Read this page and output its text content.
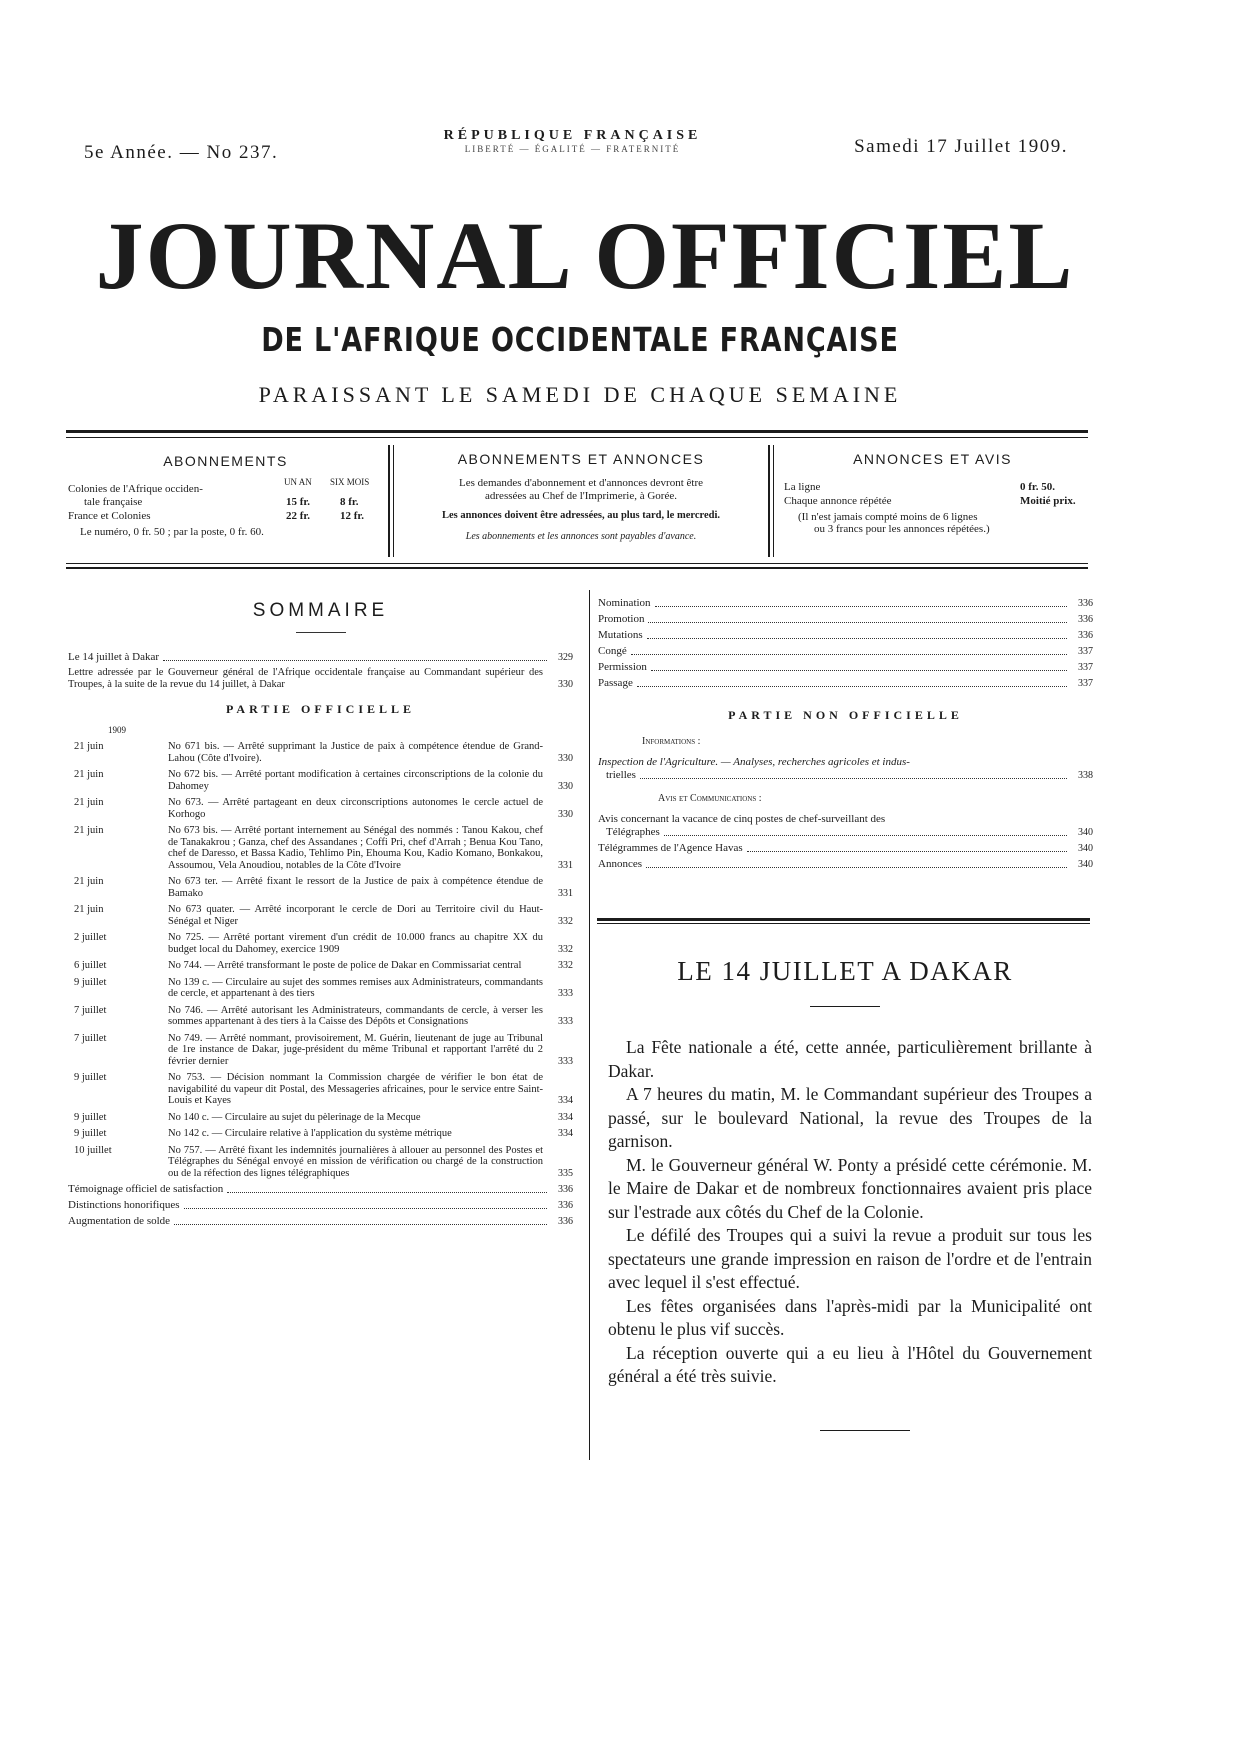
5e Année. — No 237.
RÉPUBLIQUE FRANÇAISE
LIBERTÉ — ÉGALITÉ — FRATERNITÉ	Samedi 17 Juillet 1909.
JOURNAL OFFICIEL
DE L'AFRIQUE OCCIDENTALE FRANÇAISE
PARAISSANT LE SAMEDI DE CHAQUE SEMAINE
ABONNEMENTS
UN AN SIX MOIS
Colonies de l'Afrique occiden-
tale française	15 fr.	8 fr.
France et Colonies	22 fr.	12 fr.
Le numéro, 0 fr. 50 ; par la poste, 0 fr. 60.
ABONNEMENTS ET ANNONCES
Les demandes d'abonnement et d'annonces devront être
adressées au Chef de l'Imprimerie, à Gorée.
Les annonces doivent être adressées, au plus tard, le mercredi.
Les abonnements et les annonces sont payables d'avance.
ANNONCES ET AVIS
La ligne	0 fr. 50.
Chaque annonce répétée	Moitié prix.
(Il n'est jamais compté moins de 6 lignes
ou 3 francs pour les annonces répétées.)
SOMMAIRE
Le 14 juillet à Dakar	329
Lettre adressée par le Gouverneur général de l'Afrique occidentale française au Commandant supérieur des Troupes, à la suite de la revue du 14 juillet, à Dakar	330
PARTIE OFFICIELLE
1909
21 juin	No 671 bis. — Arrêté supprimant la Justice de paix à compétence étendue de Grand-Lahou (Côte d'Ivoire).	330
21 juin	No 672 bis. — Arrêté portant modification à certaines circonscriptions de la colonie du Dahomey	330
21 juin	No 673. — Arrêté partageant en deux circonscriptions autonomes le cercle actuel de Korhogo	330
21 juin	No 673 bis. — Arrêté portant internement au Sénégal des nommés : Tanou Kakou, chef de Tanakakrou ; Ganza, chef des Assandanes ; Coffi Pri, chef d'Arrah ; Benua Kou Tano, chef de Daresso, et Bassa Kadio, Tehlimo Pin, Ehouma Kou, Kadio Komano, Bonkakou, Assoumou, Vela Anoudiou, notables de la Côte d'Ivoire	331
21 juin	No 673 ter. — Arrêté fixant le ressort de la Justice de paix à compétence étendue de Bamako	331
21 juin	No 673 quater. — Arrêté incorporant le cercle de Dori au Territoire civil du Haut-Sénégal et Niger	332
2 juillet	No 725. — Arrêté portant virement d'un crédit de 10.000 francs au chapitre XX du budget local du Dahomey, exercice 1909	332
6 juillet	No 744. — Arrêté transformant le poste de police de Dakar en Commissariat central	332
9 juillet	No 139 c. — Circulaire au sujet des sommes remises aux Administrateurs, commandants de cercle, et appartenant à des tiers	333
7 juillet	No 746. — Arrêté autorisant les Administrateurs, commandants de cercle, à verser les sommes appartenant à des tiers à la Caisse des Dépôts et Consignations	333
7 juillet	No 749. — Arrêté nommant, provisoirement, M. Guérin, lieutenant de juge au Tribunal de 1re instance de Dakar, juge-président du même Tribunal et rapportant l'arrêté du 2 février dernier	333
9 juillet	No 753. — Décision nommant la Commission chargée de vérifier le bon état de navigabilité du vapeur dit Postal, des Messageries africaines, pour le service entre Saint-Louis et Kayes	334
9 juillet	No 140 c. — Circulaire au sujet du pèlerinage de la Mecque	334
9 juillet	No 142 c. — Circulaire relative à l'application du système métrique	334
10 juillet	No 757. — Arrêté fixant les indemnités journalières à allouer au personnel des Postes et Télégraphes du Sénégal envoyé en mission de vérification ou chargé de la construction ou de la réfection des lignes télégraphiques	335
Témoignage officiel de satisfaction	336
Distinctions honorifiques	336
Augmentation de solde	336
Nomination	336
Promotion	336
Mutations	336
Congé	337
Permission	337
Passage	337
PARTIE NON OFFICIELLE
Informations :
Inspection de l'Agriculture. — Analyses, recherches agricoles et indus-
trielles	338
Avis et Communications :
Avis concernant la vacance de cinq postes de chef-surveillant des
Télégraphes	340
Télégrammes de l'Agence Havas	340
Annonces	340
LE 14 JUILLET A DAKAR

La Fête nationale a été, cette année, particulièrement brillante à Dakar.

A 7 heures du matin, M. le Commandant supérieur des Troupes a passé, sur le boulevard National, la revue des Troupes de la garnison.

M. le Gouverneur général W. Ponty a présidé cette cérémonie. M. le Maire de Dakar et de nombreux fonctionnaires avaient pris place sur l'estrade aux côtés du Chef de la Colonie.

Le défilé des Troupes qui a suivi la revue a produit sur tous les spectateurs une grande impression en raison de l'ordre et de l'entrain avec lequel il s'est effectué.

Les fêtes organisées dans l'après-midi par la Municipalité ont obtenu le plus vif succès.

La réception ouverte qui a eu lieu à l'Hôtel du Gouvernement général a été très suivie.
